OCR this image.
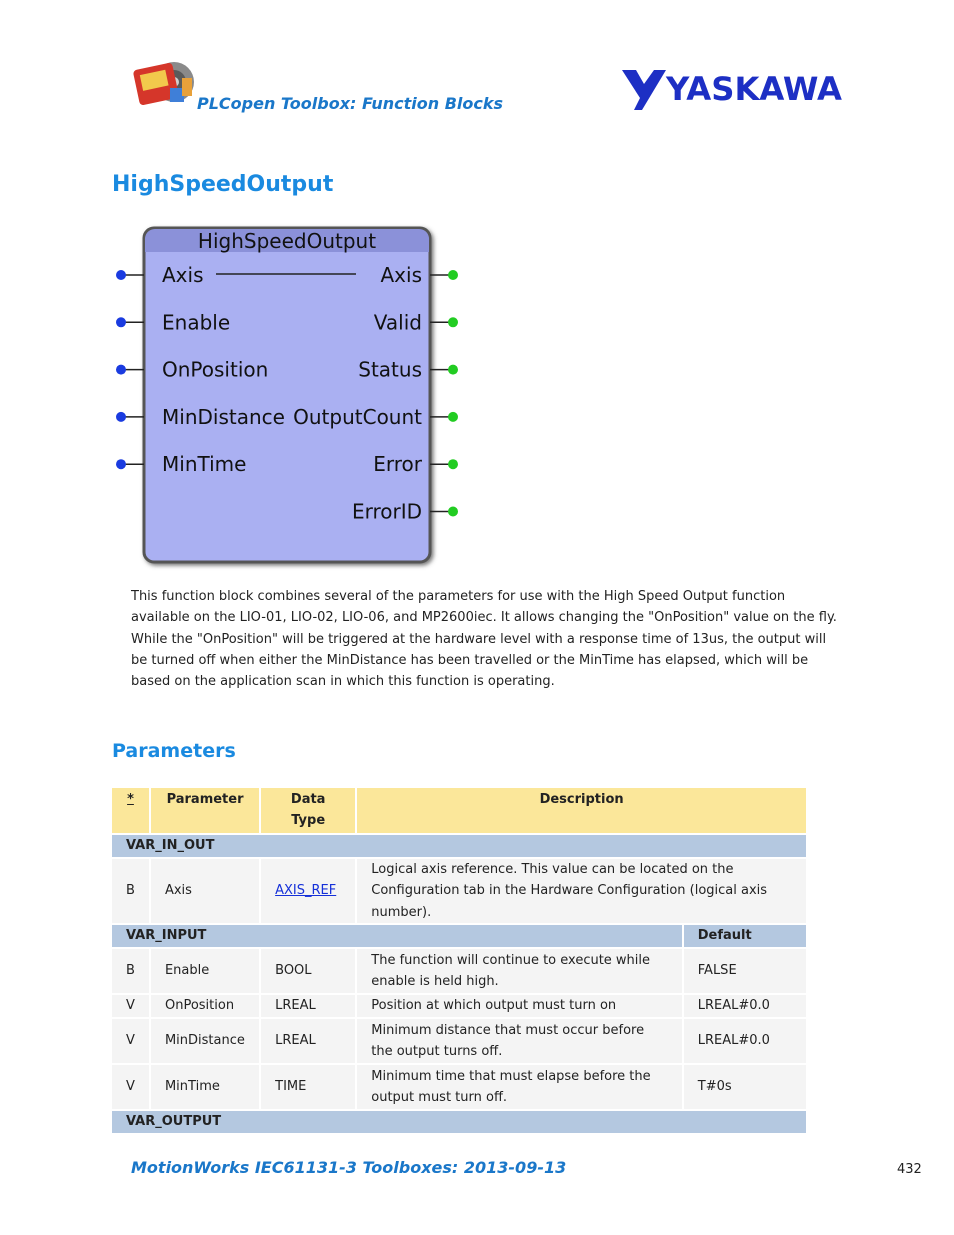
PLCopen Toolbox: Function Blocks	YASKAWA
HighSpeedOutput
HighSpeedOutput
Axis
Enable
OnPosition
MinDistance
MinTime
Axis
Valid
Status
OutputCount
Error
ErrorID

This function block combines several of the parameters for use with the High Speed Output function available on the LIO-01, LIO-02, LIO-06, and MP2600iec. It allows changing the "OnPosition" value on the fly. While the "OnPosition" will be triggered at the hardware level with a response time of 13us, the output will be turned off when either the MinDistance has been travelled or the MinTime has elapsed, which will be based on the application scan in which this function is operating.

Parameters
*	Parameter	Data Type	Description	
VAR_IN_OUT				
B	Axis	AXIS_REF	Logical axis reference. This value can be located on the Configuration tab in the Hardware Configuration (logical axis number).	
VAR_INPUT				Default
B	Enable	BOOL	The function will continue to execute while enable is held high.	FALSE
V	OnPosition	LREAL	Position at which output must turn on	LREAL#0.0
V	MinDistance	LREAL	Minimum distance that must occur before the output turns off.	LREAL#0.0
V	MinTime	TIME	Minimum time that must elapse before the output must turn off.	T#0s
VAR_OUTPUT				
MotionWorks IEC61131-3 Toolboxes: 2013-09-13	432
